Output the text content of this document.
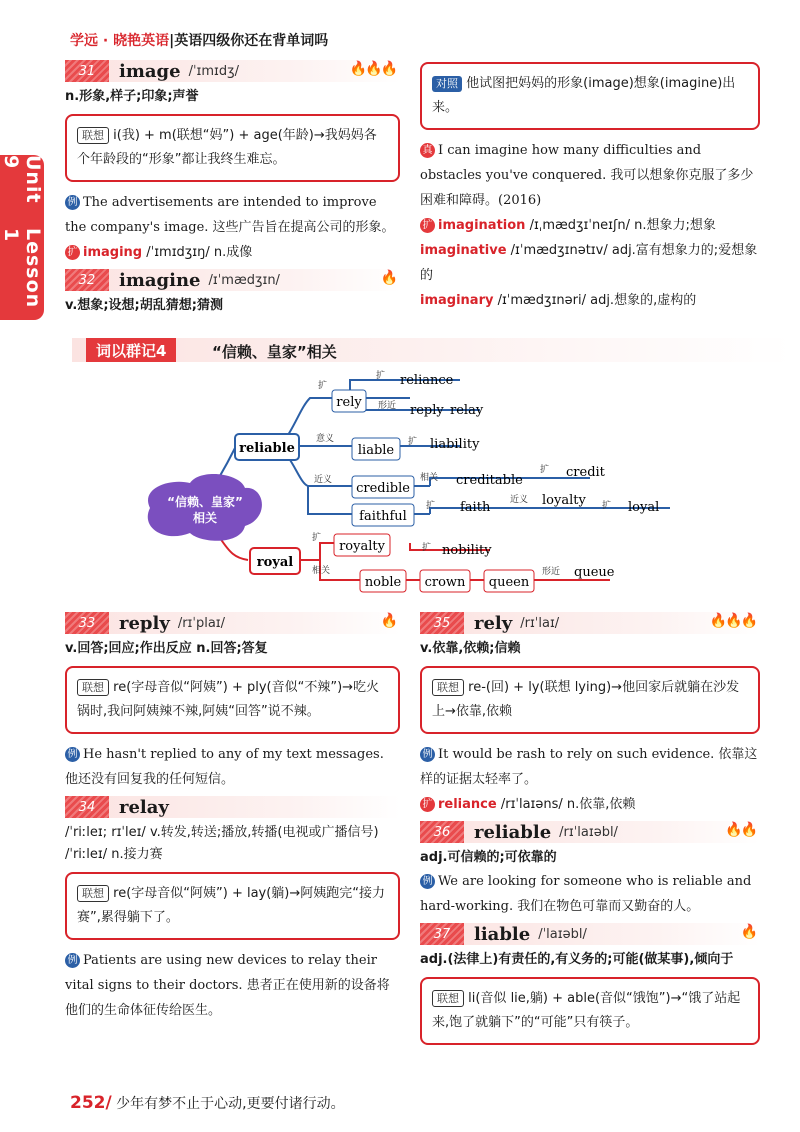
学远 · 晓艳英语|英语四级你还在背单词吗
Unit 9
Lesson 1
31	image /ˈɪmɪdʒ/	🔥🔥🔥
n.形象,样子;印象;声誉
联想 i(我) + m(联想“妈”) + age(年龄)→我妈妈各个年龄段的“形象”都让我终生难忘。
例 The advertisements are intended to improve the company's image. 这些广告旨在提高公司的形象。
扩 imaging /ˈɪmɪdʒɪŋ/ n.成像
32	imagine /ɪˈmædʒɪn/	🔥
v.想象;设想;胡乱猜想;猜测
对照 他试图把妈妈的形象(image)想象(imagine)出来。
真 I can imagine how many difficulties and obstacles you've conquered. 我可以想象你克服了多少困难和障碍。(2016)
扩 imagination /ɪˌmædʒɪˈneɪʃn/ n.想象力;想象
imaginative /ɪˈmædʒɪnətɪv/ adj.富有想象力的;爱想象的
imaginary /ɪˈmædʒɪnəri/ adj.想象的,虚构的
词以群记4	“信赖、皇家”相关
“信赖、皇家”
相关
reliable
rely
reliance
reply relay
liable	liability
credible
creditable
credit
faithful
faith	loyalty	loyal
royal
royalty	nobility
noble crown queen
queue
扩
扩
形近
意义	扩
近义	相关
扩
扩
近义
扩
扩
相关
扩
形近
33	reply /rɪˈplaɪ/	🔥
v.回答;回应;作出反应 n.回答;答复
联想 re(字母音似“阿姨”) + ply(音似“不辣”)→吃火锅时,我问阿姨辣不辣,阿姨“回答”说不辣。
例 He hasn't replied to any of my text messages. 他还没有回复我的任何短信。
34	relay
/ˈriːleɪ; rɪˈleɪ/ v.转发,转送;播放,转播(电视或广播信号)
/ˈriːleɪ/ n.接力赛
联想 re(字母音似“阿姨”) + lay(躺)→阿姨跑完“接力赛”,累得躺下了。
例 Patients are using new devices to relay their vital signs to their doctors. 患者正在使用新的设备将他们的生命体征传给医生。
35	rely /rɪˈlaɪ/	🔥🔥🔥
v.依靠,依赖;信赖
联想 re-(回) + ly(联想 lying)→他回家后就躺在沙发上→依靠,依赖
例 It would be rash to rely on such evidence. 依靠这样的证据太轻率了。
扩 reliance /rɪˈlaɪəns/ n.依靠,依赖
36	reliable /rɪˈlaɪəbl/	🔥🔥
adj.可信赖的;可依靠的
例 We are looking for someone who is reliable and hard-working. 我们在物色可靠而又勤奋的人。
37	liable /ˈlaɪəbl/	🔥
adj.(法律上)有责任的,有义务的;可能(做某事),倾向于
联想 li(音似 lie,躺) + able(音似“饿饱”)→“饿了站起来,饱了就躺下”的“可能”只有筷子。
252/ 少年有梦不止于心动,更要付诸行动。
